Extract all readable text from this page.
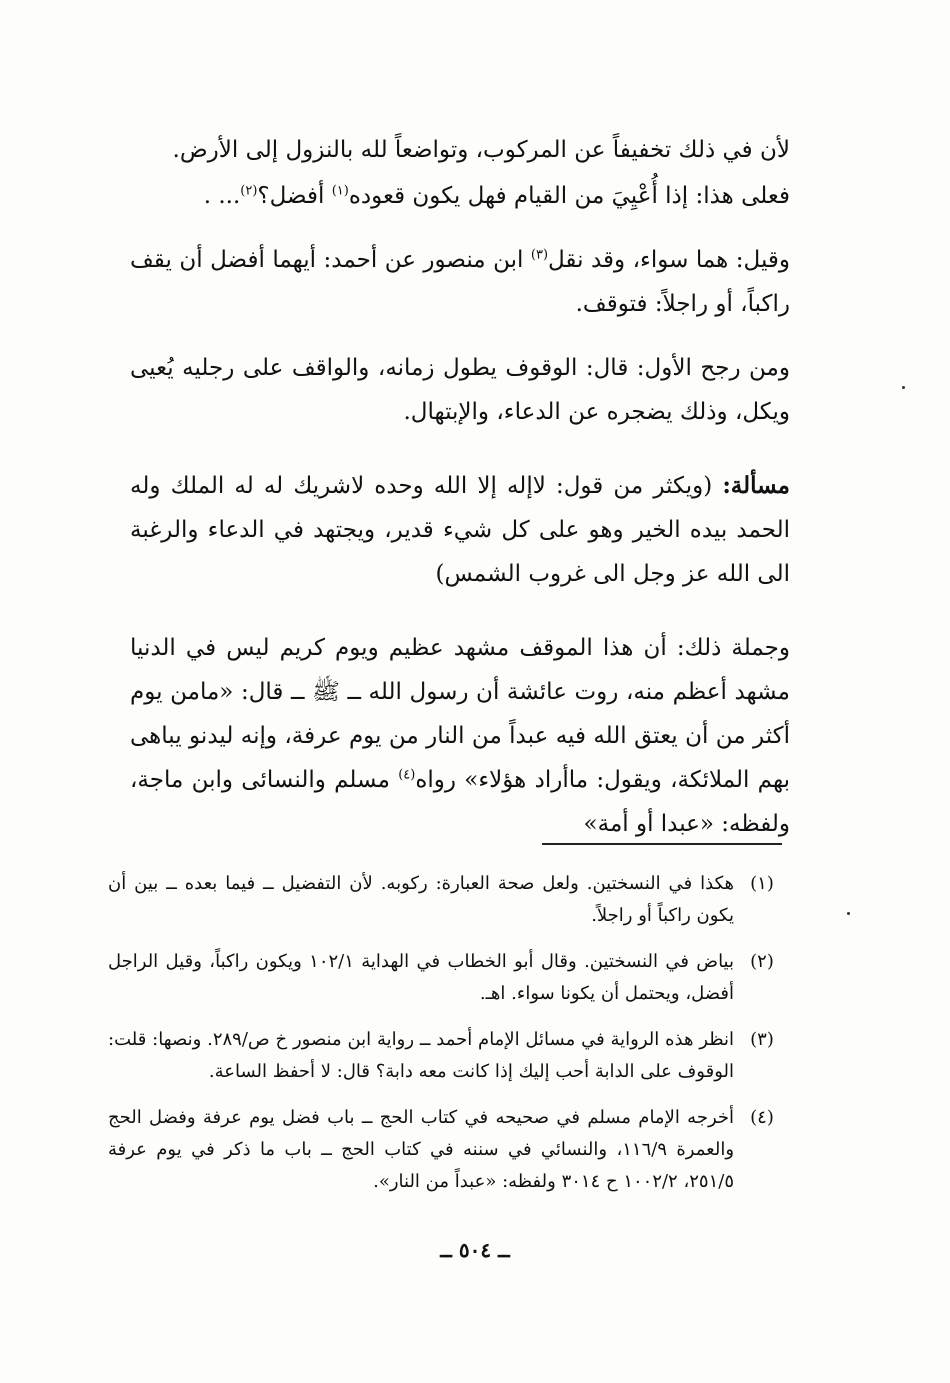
لأن في ذلك تخفيفاً عن المركوب، وتواضعاً لله بالنزول إلى الأرض.

فعلى هذا: إذا أُعْيِيَ من القيام فهل يكون قعوده$^{(١)}$ أفضل؟$^{(٢)}$... .

وقيل: هما سواء، وقد نقل$^{(٣)}$ ابن منصور عن أحمد: أيهما أفضل أن يقف راكباً، أو راجلاً: فتوقف.

ومن رجح الأول: قال: الوقوف يطول زمانه، والواقف على رجليه يُعيى ويكل، وذلك يضجره عن الدعاء، والإبتهال.

مسألة: (ويكثر من قول: لاإله إلا الله وحده لاشريك له له الملك وله الحمد بيده الخير وهو على كل شيء قدير، ويجتهد في الدعاء والرغبة الى الله عز وجل الى غروب الشمس)

وجملة ذلك: أن هذا الموقف مشهد عظيم ويوم كريم ليس في الدنيا مشهد أعظم منه، روت عائشة أن رسول الله ــ ﷺ ــ قال: «مامن يوم أكثر من أن يعتق الله فيه عبداً من النار من يوم عرفة، وإنه ليدنو يباهى بهم الملائكة، ويقول: ماأراد هؤلاء» رواه$^{(٤)}$ مسلم والنسائى وابن ماجة، ولفظه: «عبدا أو أمة»

(١)
هكذا في النسختين. ولعل صحة العبارة: ركوبه. لأن التفضيل ــ فيما بعده ــ بين أن يكون راكباً أو راجلاً.
(٢)
بياض في النسختين. وقال أبو الخطاب في الهداية ١٠٢/١ ويكون راكباً، وقيل الراجل أفضل، ويحتمل أن يكونا سواء. اهـ.
(٣)
انظر هذه الرواية في مسائل الإمام أحمد ــ رواية ابن منصور خ ص/٢٨٩. ونصها: قلت: الوقوف على الدابة أحب إليك إذا كانت معه دابة؟ قال: لا أحفظ الساعة.
(٤)
أخرجه الإمام مسلم في صحيحه في كتاب الحج ــ باب فضل يوم عرفة وفضل الحج والعمرة ١١٦/٩، والنسائي في سننه في كتاب الحج ــ باب ما ذكر في يوم عرفة ٢٥١/٥، ١٠٠٢/٢ ح ٣٠١٤ ولفظه: «عبداً من النار».
ــ ٥٠٤ ــ
